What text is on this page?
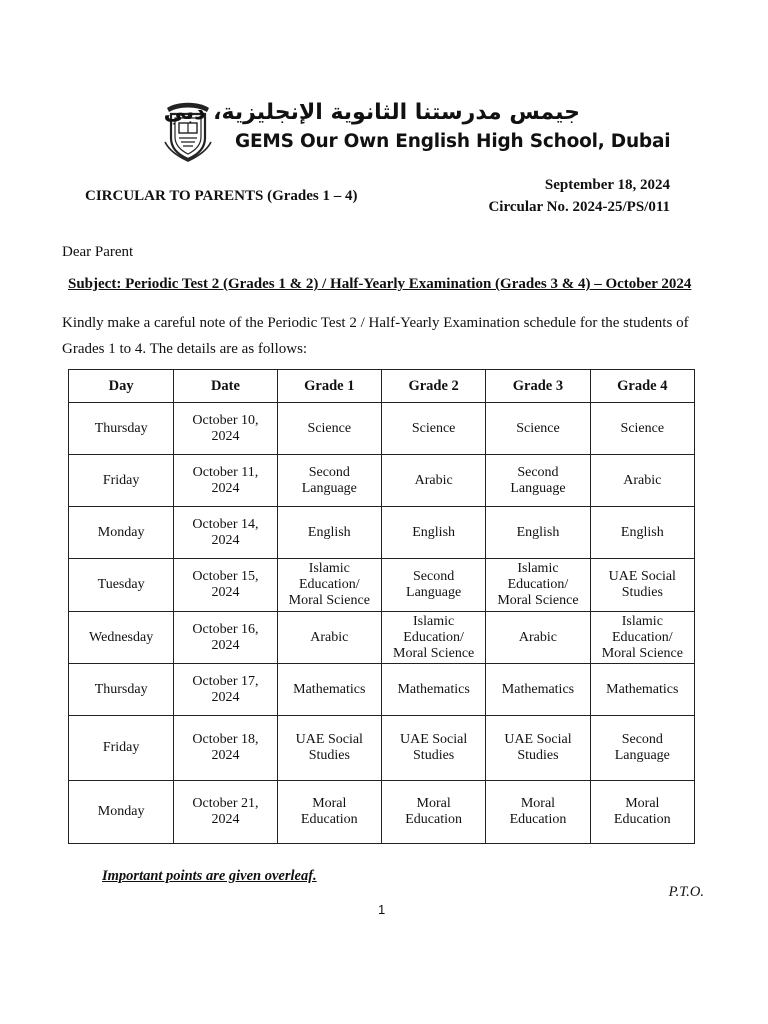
جيمس مدرستنا الثانوية الإنجليزية، دبي
GEMS Our Own English High School, Dubai
CIRCULAR TO PARENTS (Grades 1 – 4)
September 18, 2024
Circular No. 2024-25/PS/011
Dear Parent
Subject: Periodic Test 2 (Grades 1 & 2) / Half-Yearly Examination (Grades 3 & 4) – October 2024
Kindly make a careful note of the Periodic Test 2 / Half-Yearly Examination schedule for the students of Grades 1 to 4. The details are as follows:
Day	Date	Grade 1	Grade 2	Grade 3	Grade 4

Thursday	October 10,
2024	Science	Science	Science	Science

Friday	October 11,
2024	Second
Language	Arabic	Second
Language	Arabic

Monday	October 14,
2024	English	English	English	English

Tuesday	October 15,
2024	Islamic
Education/
Moral Science	Second
Language	Islamic
Education/
Moral Science	UAE Social
Studies

Wednesday	October 16,
2024	Arabic	Islamic
Education/
Moral Science	Arabic	Islamic
Education/
Moral Science

Thursday	October 17,
2024	Mathematics	Mathematics	Mathematics	Mathematics

Friday	October 18,
2024	UAE Social
Studies	UAE Social
Studies	UAE Social
Studies	Second
Language

Monday	October 21,
2024	Moral
Education	Moral
Education	Moral
Education	Moral
Education
Important points are given overleaf.
P.T.O.
1
